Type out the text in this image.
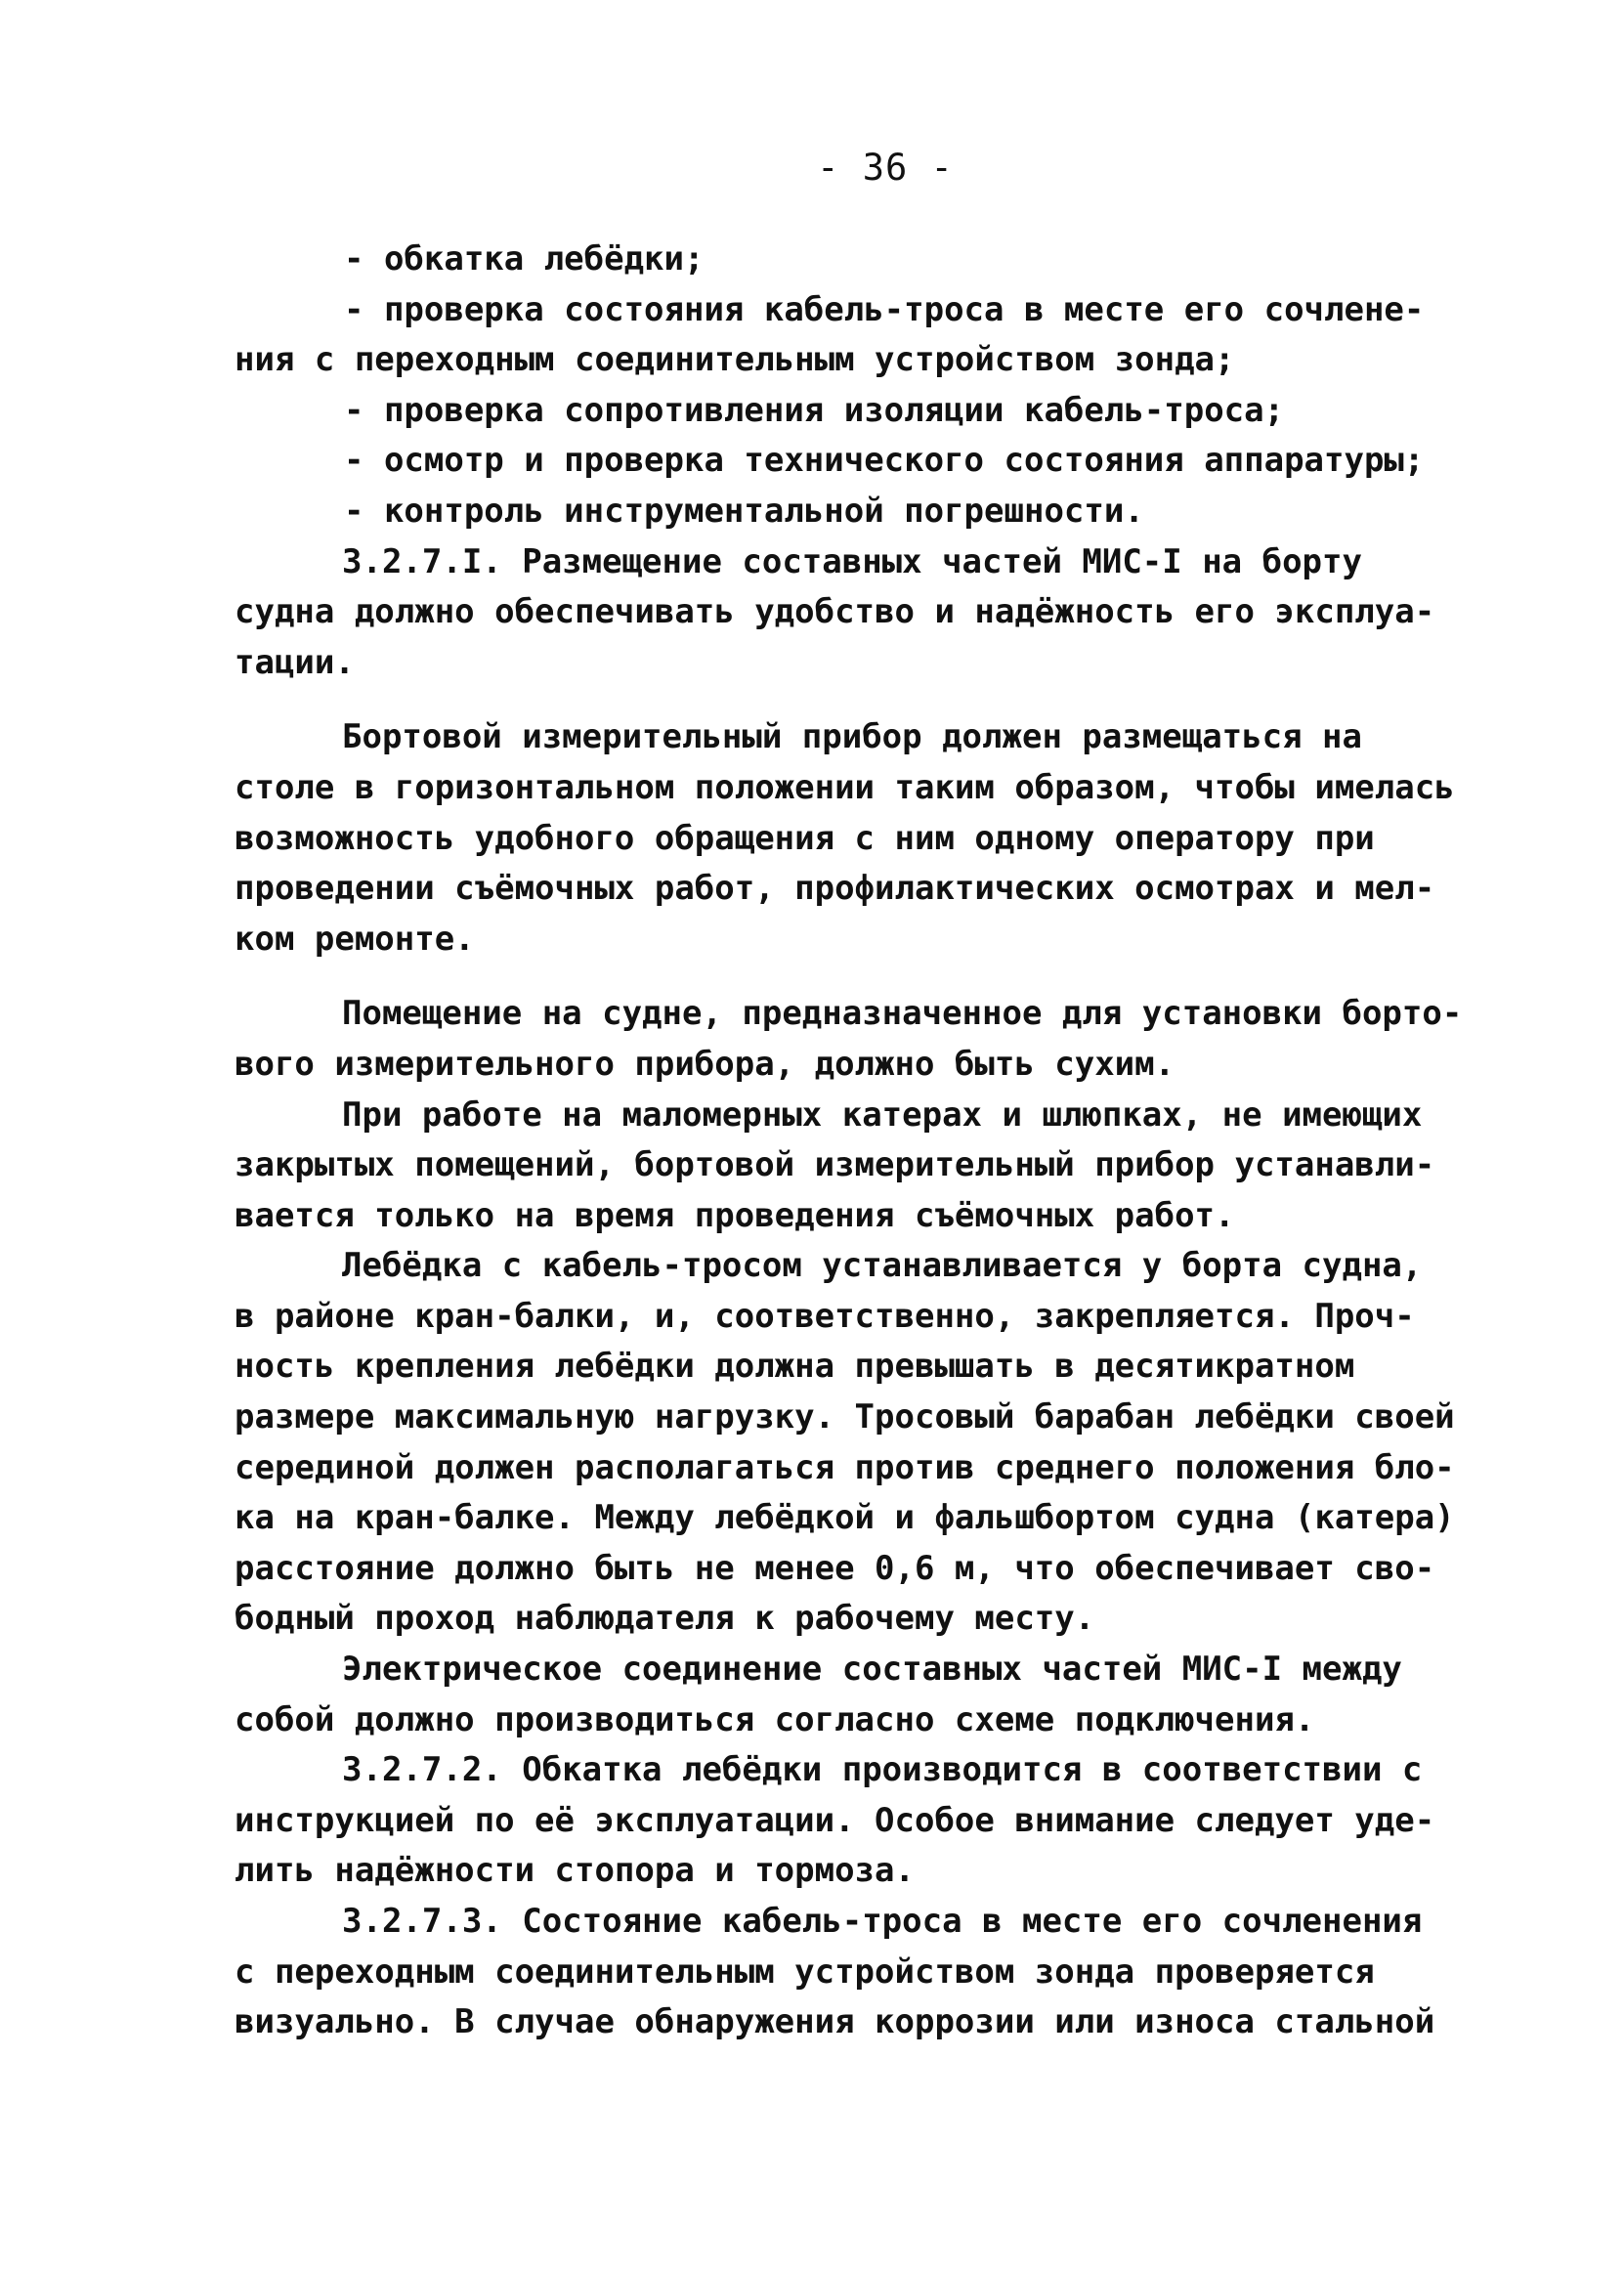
- 36 -
- обкатка лебёдки;
- проверка состояния кабель-троса в месте его сочлене-
ния с переходным соединительным устройством зонда;
- проверка сопротивления изоляции кабель-троса;
- осмотр и проверка технического состояния аппаратуры;
- контроль инструментальной погрешности.
3.2.7.I. Размещение составных частей МИС-I на борту
судна должно обеспечивать удобство и надёжность его эксплуа-
тации.
Бортовой измерительный прибор должен размещаться на
столе в горизонтальном положении таким образом, чтобы имелась
возможность удобного обращения с ним одному оператору при
проведении съёмочных работ, профилактических осмотрах и мел-
ком ремонте.
Помещение на судне, предназначенное для установки борто-
вого измерительного прибора, должно быть сухим.
При работе на маломерных катерах и шлюпках, не имеющих
закрытых помещений, бортовой измерительный прибор устанавли-
вается только на время проведения съёмочных работ.
Лебёдка с кабель-тросом устанавливается у борта судна,
в районе кран-балки, и, соответственно, закрепляется. Проч-
ность крепления лебёдки должна превышать в десятикратном
размере максимальную нагрузку. Тросовый барабан лебёдки своей
серединой должен располагаться против среднего положения бло-
ка на кран-балке. Между лебёдкой и фальшбортом судна (катера)
расстояние должно быть не менее 0,6 м, что обеспечивает сво-
бодный проход наблюдателя к рабочему месту.
Электрическое соединение составных частей МИС-I между
собой должно производиться согласно схеме подключения.
3.2.7.2. Обкатка лебёдки производится в соответствии с
инструкцией по её эксплуатации. Особое внимание следует уде-
лить надёжности стопора и тормоза.
3.2.7.3. Состояние кабель-троса в месте его сочленения
с переходным соединительным устройством зонда проверяется
визуально. В случае обнаружения коррозии или износа стальной
